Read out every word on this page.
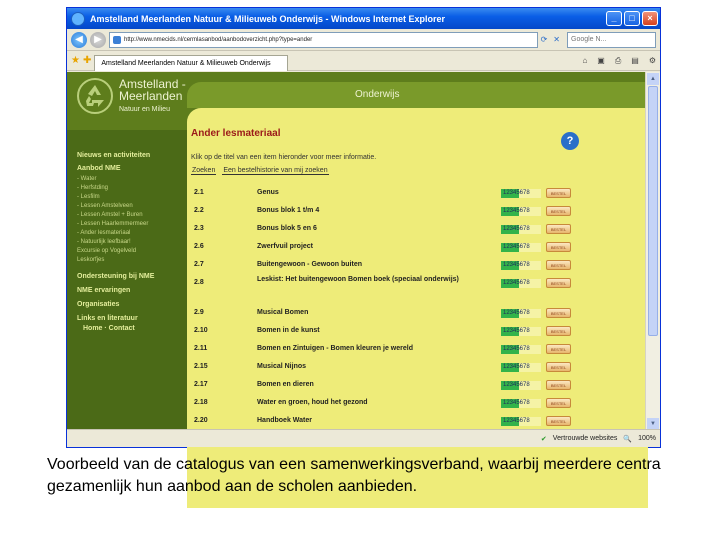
Amstelland Meerlanden Natuur & Milieuweb Onderwijs - Windows Internet Explorer	_	□	×
◀	▶	http://www.nmecids.nl/cermlasanbod/aanbodoverzicht.php?type=ander	⟳ ✕	Google N...
★ ✚	Amstelland Meerlanden Natuur & Milieuweb Onderwijs	⌂ ▣ ⎙ ▤ ⚙
Amstelland -
Meerlanden
Natuur en Milieu
Onderwijs
Nieuws en activiteiten
Aanbod NME
- Water
- Herfstding
- Lesfilm
- Lessen Amstelveen
- Lessen Amstel + Buren
- Lessen Haarlemmermeer
- Ander lesmateriaal
- Natuurlijk leefbaar!
Excursie op Vogelveld
Leskorfjes
Ondersteuning bij NME
NME ervaringen
Organisaties
Links en literatuur
Home · Contact
Ander lesmateriaal
?
Klik op de titel van een item hieronder voor meer informatie.
Zoeken Een bestelhistorie van mij zoeken
2.1	Genus	12345678	BESTEL
2.2	Bonus blok 1 t/m 4	12345678	BESTEL
2.3	Bonus blok 5 en 6	12345678	BESTEL
2.6	Zwerfvuil project	12345678	BESTEL
2.7	Buitengewoon - Gewoon buiten	12345678	BESTEL
2.8	Leskist: Het buitengewoon Bomen boek (speciaal onderwijs)	12345678	BESTEL
2.9	Musical Bomen	12345678	BESTEL
2.10	Bomen in de kunst	12345678	BESTEL
2.11	Bomen en Zintuigen - Bomen kleuren je wereld	12345678	BESTEL
2.15	Musical Nijnos	12345678	BESTEL
2.17	Bomen en dieren	12345678	BESTEL
2.18	Water en groen, houd het gezond	12345678	BESTEL
2.20	Handboek Water	12345678	BESTEL
▲
▼
✔ Vertrouwde websites 🔍 100%
Voorbeeld van de catalogus van een samenwerkingsverband, waarbij meerdere centra gezamenlijk hun aanbod aan de scholen aanbieden.
